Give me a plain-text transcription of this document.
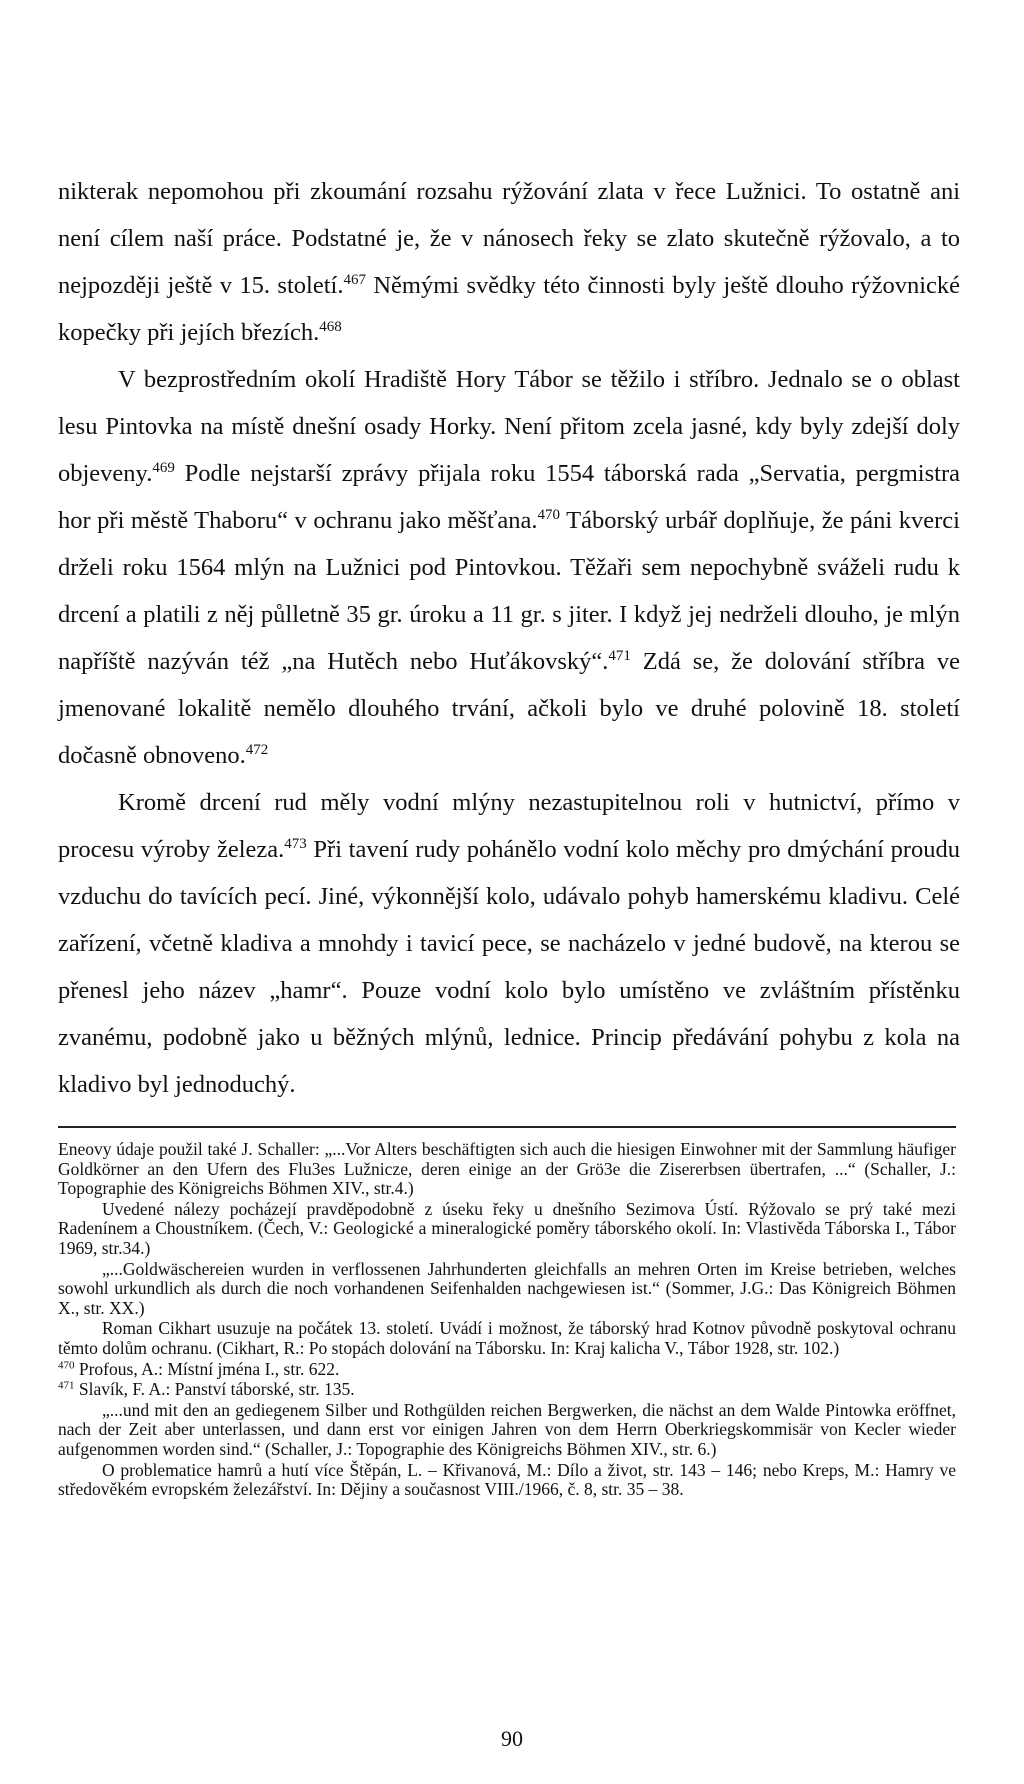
nikterak nepomohou při zkoumání rozsahu rýžování zlata v řece Lužnici. To ostatně ani není cílem naší práce. Podstatné je, že v nánosech řeky se zlato skutečně rýžovalo, a to nejpozději ještě v 15. století.$^{467}$ Němými svědky této činnosti byly ještě dlouho rýžovnické kopečky při jejích březích.$^{468}$

V bezprostředním okolí Hradiště Hory Tábor se těžilo i stříbro. Jednalo se o oblast lesu Pintovka na místě dnešní osady Horky. Není přitom zcela jasné, kdy byly zdejší doly objeveny.$^{469}$ Podle nejstarší zprávy přijala roku 1554 táborská rada „Servatia, pergmistra hor při městě Thaboru“ v ochranu jako měšťana.$^{470}$ Táborský urbář doplňuje, že páni kverci drželi roku 1564 mlýn na Lužnici pod Pintovkou. Těžaři sem nepochybně sváželi rudu k drcení a platili z něj půlletně 35 gr. úroku a 11 gr. s jiter. I když jej nedrželi dlouho, je mlýn napříště nazýván též „na Hutěch nebo Huťákovský“.$^{471}$ Zdá se, že dolování stříbra ve jmenované lokalitě nemělo dlouhého trvání, ačkoli bylo ve druhé polovině 18. století dočasně obnoveno.$^{472}$

Kromě drcení rud měly vodní mlýny nezastupitelnou roli v hutnictví, přímo v procesu výroby železa.$^{473}$ Při tavení rudy pohánělo vodní kolo měchy pro dmýchání proudu vzduchu do tavících pecí. Jiné, výkonnější kolo, udávalo pohyb hamerskému kladivu. Celé zařízení, včetně kladiva a mnohdy i tavicí pece, se nacházelo v jedné budově, na kterou se přenesl jeho název „hamr“. Pouze vodní kolo bylo umístěno ve zvláštním přístěnku zvanému, podobně jako u běžných mlýnů, lednice. Princip předávání pohybu z kola na kladivo byl jednoduchý.

Eneovy údaje použil také J. Schaller: „...Vor Alters beschäftigten sich auch die hiesigen Einwohner mit der Sammlung häufiger Goldkörner an den Ufern des Flu3es Lužnicze, deren einige an der Grö3e die Zisererbsen übertrafen, ...“ (Schaller, J.: Topographie des Königreichs Böhmen XIV., str.4.)

Uvedené nálezy pocházejí pravděpodobně z úseku řeky u dnešního Sezimova Ústí. Rýžovalo se prý také mezi Radenínem a Choustníkem. (Čech, V.: Geologické a mineralogické poměry táborského okolí. In: Vlastivěda Táborska I., Tábor 1969, str.34.)

„...Goldwäschereien wurden in verflossenen Jahrhunderten gleichfalls an mehren Orten im Kreise betrieben, welches sowohl urkundlich als durch die noch vorhandenen Seifenhalden nachgewiesen ist.“ (Sommer, J.G.: Das Königreich Böhmen X., str. XX.)

Roman Cikhart usuzuje na počátek 13. století. Uvádí i možnost, že táborský hrad Kotnov původně poskytoval ochranu těmto dolům ochranu. (Cikhart, R.: Po stopách dolování na Táborsku. In: Kraj kalicha V., Tábor 1928, str. 102.)

$^{470}$ Profous, A.: Místní jména I., str. 622.

$^{471}$ Slavík, F. A.: Panství táborské, str. 135.

„...und mit den an gediegenem Silber und Rothgülden reichen Bergwerken, die nächst an dem Walde Pintowka eröffnet, nach der Zeit aber unterlassen, und dann erst vor einigen Jahren von dem Herrn Oberkriegskommisär von Kecler wieder aufgenommen worden sind.“ (Schaller, J.: Topographie des Königreichs Böhmen XIV., str. 6.)

O problematice hamrů a hutí více Štěpán, L. – Křivanová, M.: Dílo a život, str. 143 – 146; nebo Kreps, M.: Hamry ve středověkém evropském železářství. In: Dějiny a současnost VIII./1966, č. 8, str. 35 – 38.

90
